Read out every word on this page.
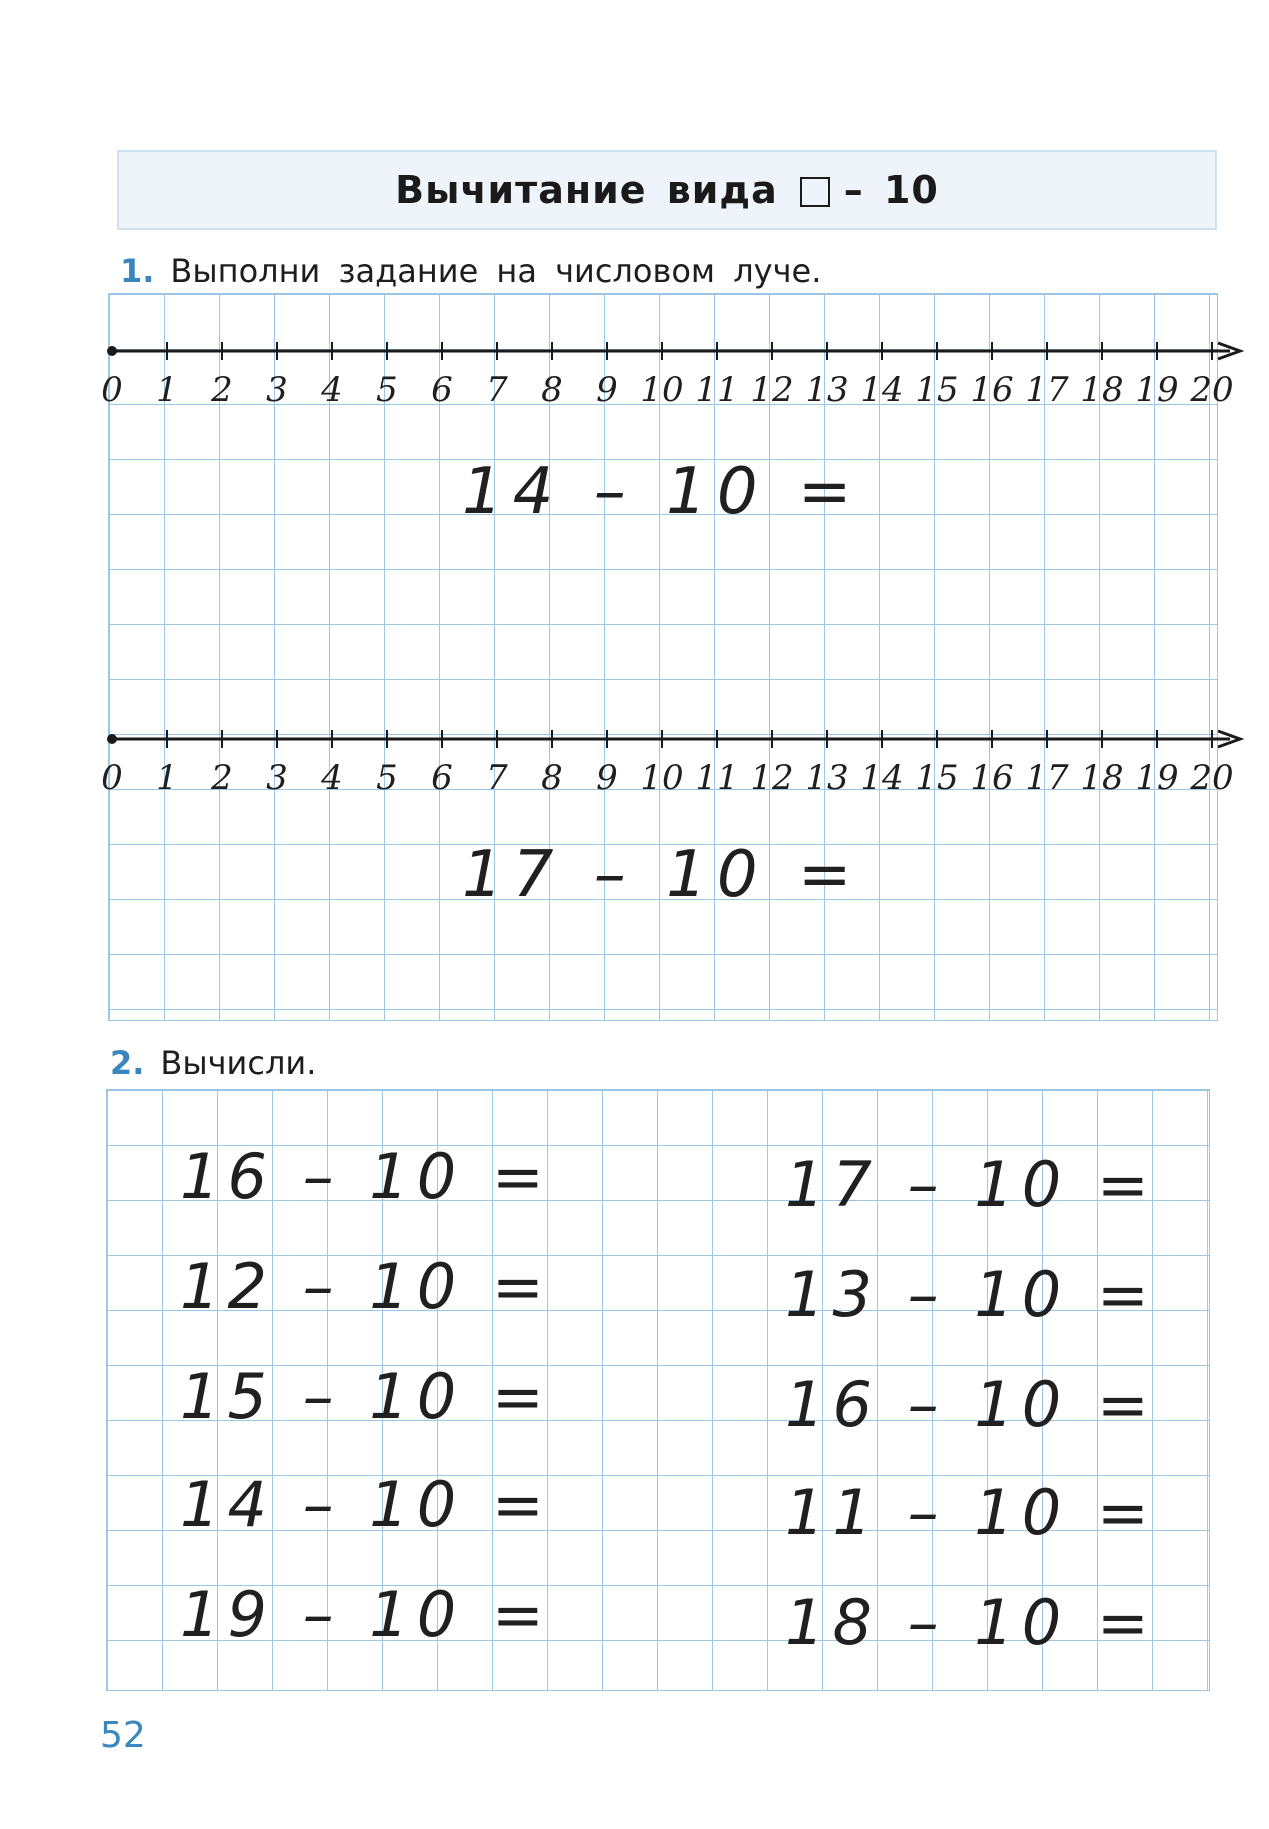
Вычитание вида – 10
1. Выполни задание на числовом луче.
0 1 2 3 4 5 6 7 8 9 10 11 12 13 14 15 16 17 18 19 20
0 1 2 3 4 5 6 7 8 9 10 11 12 13 14 15 16 17 18 19 20
14 – 10 =
17 – 10 =
2. Вычисли.
16 – 10 =
12 – 10 =
15 – 10 =
14 – 10 =
19 – 10 =
17 – 10 =
13 – 10 =
16 – 10 =
11 – 10 =
18 – 10 =
52
